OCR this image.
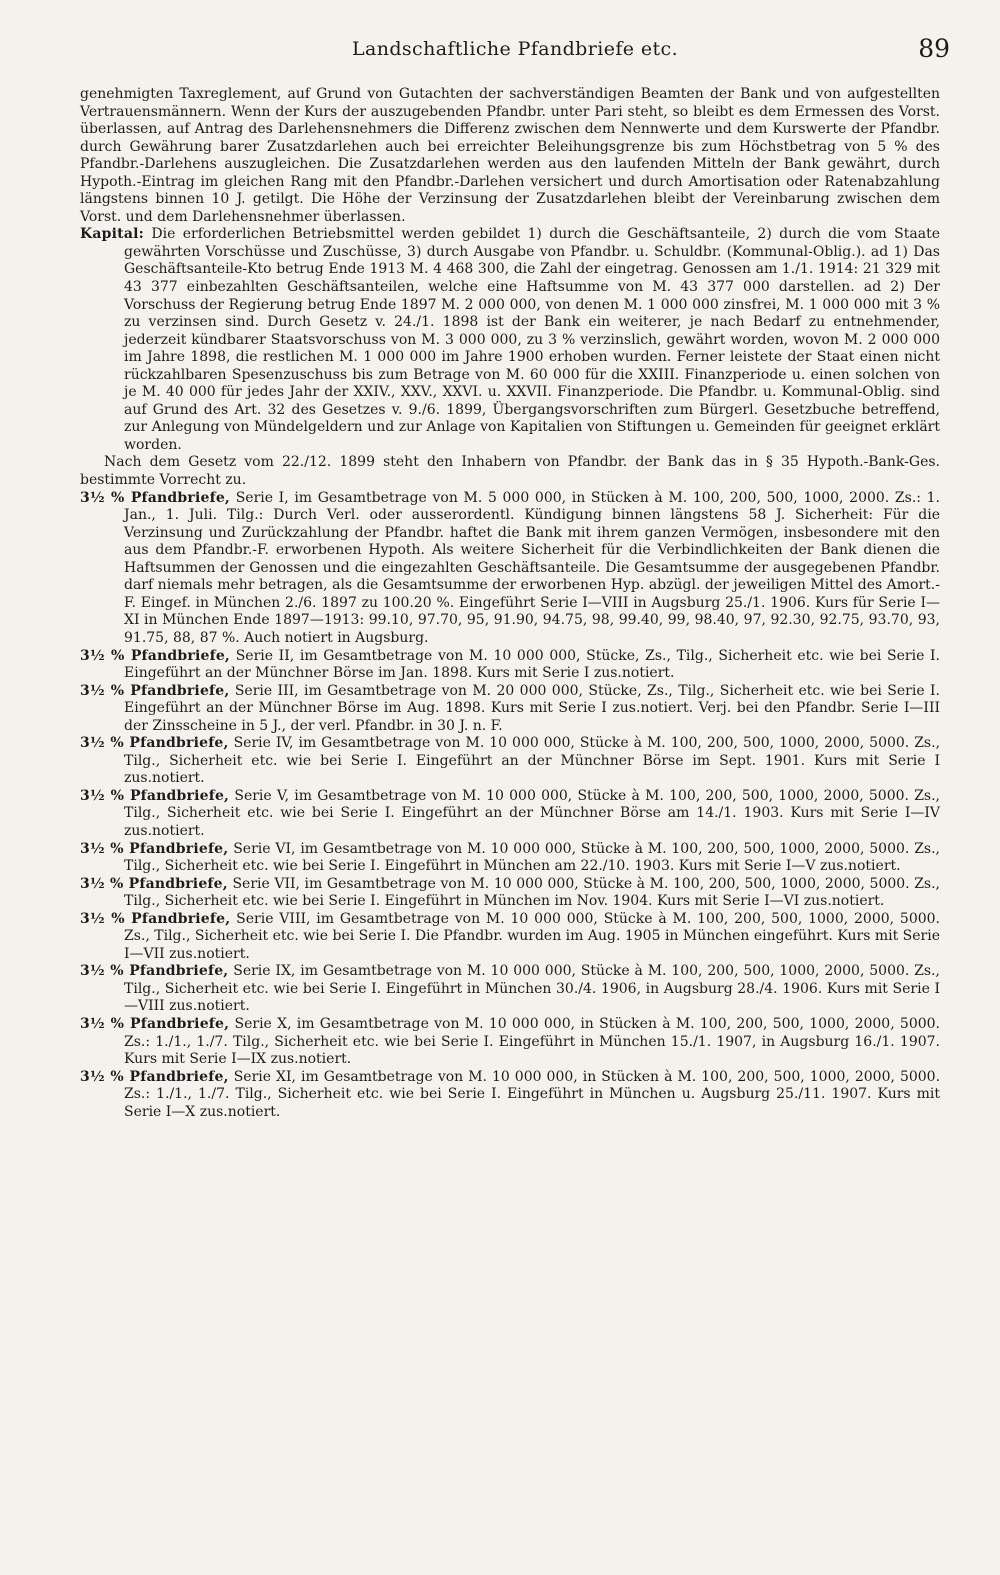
Landschaftliche Pfandbriefe etc.	89

genehmigten Taxreglement, auf Grund von Gutachten der sachverständigen Beamten der Bank und von aufgestellten Vertrauensmännern. Wenn der Kurs der auszugebenden Pfandbr. unter Pari steht, so bleibt es dem Ermessen des Vorst. überlassen, auf Antrag des Darlehensnehmers die Differenz zwischen dem Nennwerte und dem Kurswerte der Pfandbr. durch Gewährung barer Zusatzdarlehen auch bei erreichter Beleihungsgrenze bis zum Höchstbetrag von 5 % des Pfandbr.-Darlehens auszugleichen. Die Zusatzdarlehen werden aus den laufenden Mitteln der Bank gewährt, durch Hypoth.-Eintrag im gleichen Rang mit den Pfandbr.-Darlehen versichert und durch Amortisation oder Ratenabzahlung längstens binnen 10 J. getilgt. Die Höhe der Verzinsung der Zusatzdarlehen bleibt der Vereinbarung zwischen dem Vorst. und dem Darlehensnehmer überlassen.

Kapital: Die erforderlichen Betriebsmittel werden gebildet 1) durch die Geschäftsanteile, 2) durch die vom Staate gewährten Vorschüsse und Zuschüsse, 3) durch Ausgabe von Pfandbr. u. Schuldbr. (Kommunal-Oblig.). ad 1) Das Geschäftsanteile-Kto betrug Ende 1913 M. 4 468 300, die Zahl der eingetrag. Genossen am 1./1. 1914: 21 329 mit 43 377 einbezahlten Geschäftsanteilen, welche eine Haftsumme von M. 43 377 000 darstellen. ad 2) Der Vorschuss der Regierung betrug Ende 1897 M. 2 000 000, von denen M. 1 000 000 zinsfrei, M. 1 000 000 mit 3 % zu verzinsen sind. Durch Gesetz v. 24./1. 1898 ist der Bank ein weiterer, je nach Bedarf zu entnehmender, jederzeit kündbarer Staatsvorschuss von M. 3 000 000, zu 3 % verzinslich, gewährt worden, wovon M. 2 000 000 im Jahre 1898, die restlichen M. 1 000 000 im Jahre 1900 erhoben wurden. Ferner leistete der Staat einen nicht rückzahlbaren Spesenzuschuss bis zum Betrage von M. 60 000 für die XXIII. Finanzperiode u. einen solchen von je M. 40 000 für jedes Jahr der XXIV., XXV., XXVI. u. XXVII. Finanzperiode. Die Pfandbr. u. Kommunal-Oblig. sind auf Grund des Art. 32 des Gesetzes v. 9./6. 1899, Übergangsvorschriften zum Bürgerl. Gesetzbuche betreffend, zur Anlegung von Mündelgeldern und zur Anlage von Kapitalien von Stiftungen u. Gemeinden für geeignet erklärt worden.

Nach dem Gesetz vom 22./12. 1899 steht den Inhabern von Pfandbr. der Bank das in § 35 Hypoth.-Bank-Ges. bestimmte Vorrecht zu.

3½ % Pfandbriefe, Serie I, im Gesamtbetrage von M. 5 000 000, in Stücken à M. 100, 200, 500, 1000, 2000. Zs.: 1. Jan., 1. Juli. Tilg.: Durch Verl. oder ausserordentl. Kündigung binnen längstens 58 J. Sicherheit: Für die Verzinsung und Zurückzahlung der Pfandbr. haftet die Bank mit ihrem ganzen Vermögen, insbesondere mit den aus dem Pfandbr.-F. erworbenen Hypoth. Als weitere Sicherheit für die Verbindlichkeiten der Bank dienen die Haftsummen der Genossen und die eingezahlten Geschäftsanteile. Die Gesamtsumme der ausgegebenen Pfandbr. darf niemals mehr betragen, als die Gesamtsumme der erworbenen Hyp. abzügl. der jeweiligen Mittel des Amort.-F. Eingef. in München 2./6. 1897 zu 100.20 %. Eingeführt Serie I—VIII in Augsburg 25./1. 1906. Kurs für Serie I—XI in München Ende 1897—1913: 99.10, 97.70, 95, 91.90, 94.75, 98, 99.40, 99, 98.40, 97, 92.30, 92.75, 93.70, 93, 91.75, 88, 87 %. Auch notiert in Augsburg.

3½ % Pfandbriefe, Serie II, im Gesamtbetrage von M. 10 000 000, Stücke, Zs., Tilg., Sicherheit etc. wie bei Serie I. Eingeführt an der Münchner Börse im Jan. 1898. Kurs mit Serie I zus.notiert.

3½ % Pfandbriefe, Serie III, im Gesamtbetrage von M. 20 000 000, Stücke, Zs., Tilg., Sicherheit etc. wie bei Serie I. Eingeführt an der Münchner Börse im Aug. 1898. Kurs mit Serie I zus.notiert. Verj. bei den Pfandbr. Serie I—III der Zinsscheine in 5 J., der verl. Pfandbr. in 30 J. n. F.

3½ % Pfandbriefe, Serie IV, im Gesamtbetrage von M. 10 000 000, Stücke à M. 100, 200, 500, 1000, 2000, 5000. Zs., Tilg., Sicherheit etc. wie bei Serie I. Eingeführt an der Münchner Börse im Sept. 1901. Kurs mit Serie I zus.notiert.

3½ % Pfandbriefe, Serie V, im Gesamtbetrage von M. 10 000 000, Stücke à M. 100, 200, 500, 1000, 2000, 5000. Zs., Tilg., Sicherheit etc. wie bei Serie I. Eingeführt an der Münchner Börse am 14./1. 1903. Kurs mit Serie I—IV zus.notiert.

3½ % Pfandbriefe, Serie VI, im Gesamtbetrage von M. 10 000 000, Stücke à M. 100, 200, 500, 1000, 2000, 5000. Zs., Tilg., Sicherheit etc. wie bei Serie I. Eingeführt in München am 22./10. 1903. Kurs mit Serie I—V zus.notiert.

3½ % Pfandbriefe, Serie VII, im Gesamtbetrage von M. 10 000 000, Stücke à M. 100, 200, 500, 1000, 2000, 5000. Zs., Tilg., Sicherheit etc. wie bei Serie I. Eingeführt in München im Nov. 1904. Kurs mit Serie I—VI zus.notiert.

3½ % Pfandbriefe, Serie VIII, im Gesamtbetrage von M. 10 000 000, Stücke à M. 100, 200, 500, 1000, 2000, 5000. Zs., Tilg., Sicherheit etc. wie bei Serie I. Die Pfandbr. wurden im Aug. 1905 in München eingeführt. Kurs mit Serie I—VII zus.notiert.

3½ % Pfandbriefe, Serie IX, im Gesamtbetrage von M. 10 000 000, Stücke à M. 100, 200, 500, 1000, 2000, 5000. Zs., Tilg., Sicherheit etc. wie bei Serie I. Eingeführt in München 30./4. 1906, in Augsburg 28./4. 1906. Kurs mit Serie I—VIII zus.notiert.

3½ % Pfandbriefe, Serie X, im Gesamtbetrage von M. 10 000 000, in Stücken à M. 100, 200, 500, 1000, 2000, 5000. Zs.: 1./1., 1./7. Tilg., Sicherheit etc. wie bei Serie I. Eingeführt in München 15./1. 1907, in Augsburg 16./1. 1907. Kurs mit Serie I—IX zus.notiert.

3½ % Pfandbriefe, Serie XI, im Gesamtbetrage von M. 10 000 000, in Stücken à M. 100, 200, 500, 1000, 2000, 5000. Zs.: 1./1., 1./7. Tilg., Sicherheit etc. wie bei Serie I. Eingeführt in München u. Augsburg 25./11. 1907. Kurs mit Serie I—X zus.notiert.
